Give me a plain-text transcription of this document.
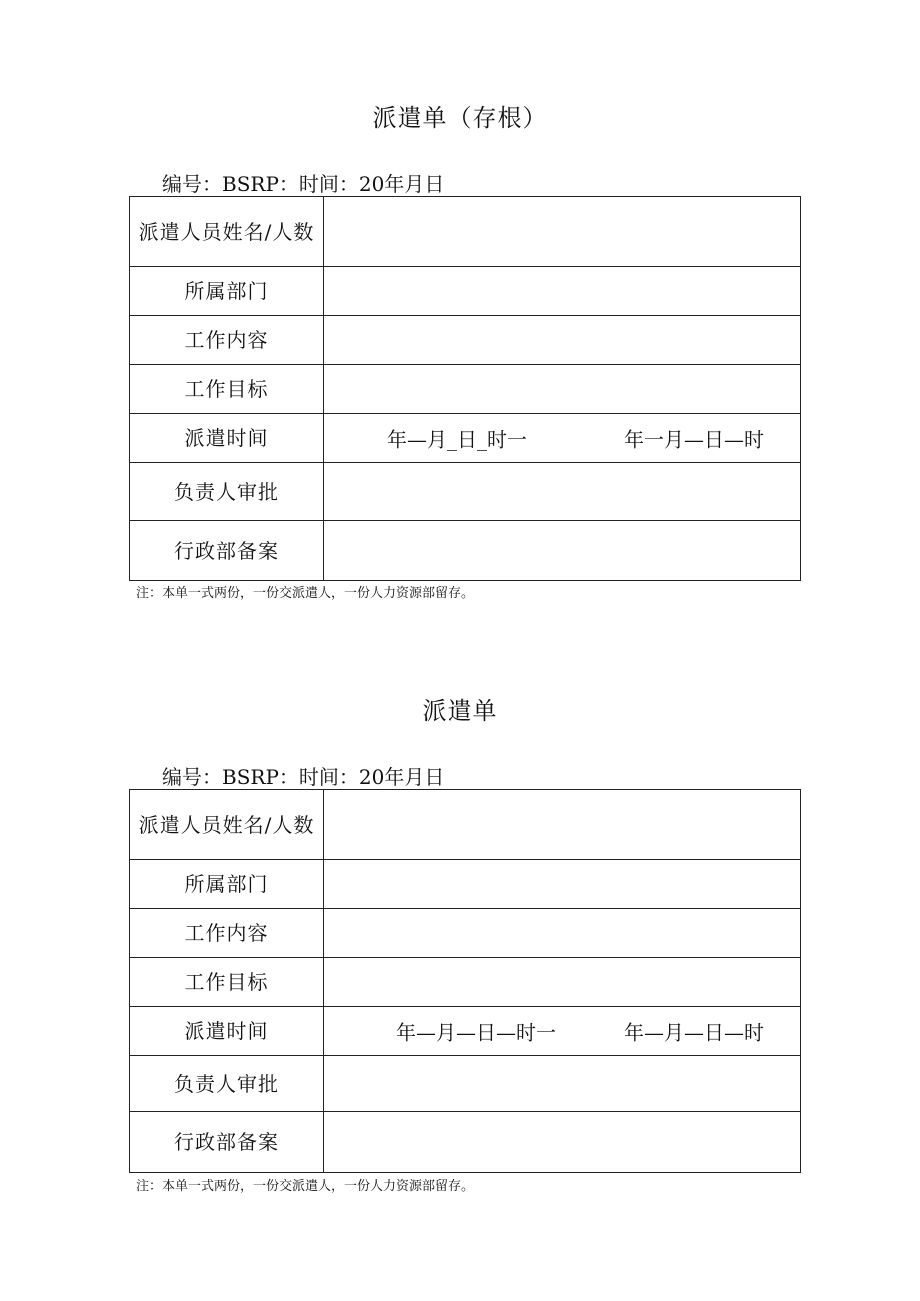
派遣单（存根）
编号：BSRP：时间：20年月日
派遣人员姓名/人数	
所属部门	
工作内容	
工作目标	
派遣时间	年—月_日_时一 年一月—日—时

负责人审批	
行政部备案	
注：本单一式两份，一份交派遣人，一份人力资源部留存。
派遣单
编号：BSRP：时间：20年月日
派遣人员姓名/人数	
所属部门	
工作内容	
工作目标	
派遣时间	年—月—日—时一 年—月—日—时

负责人审批	
行政部备案	
注：本单一式两份，一份交派遣人，一份人力资源部留存。
